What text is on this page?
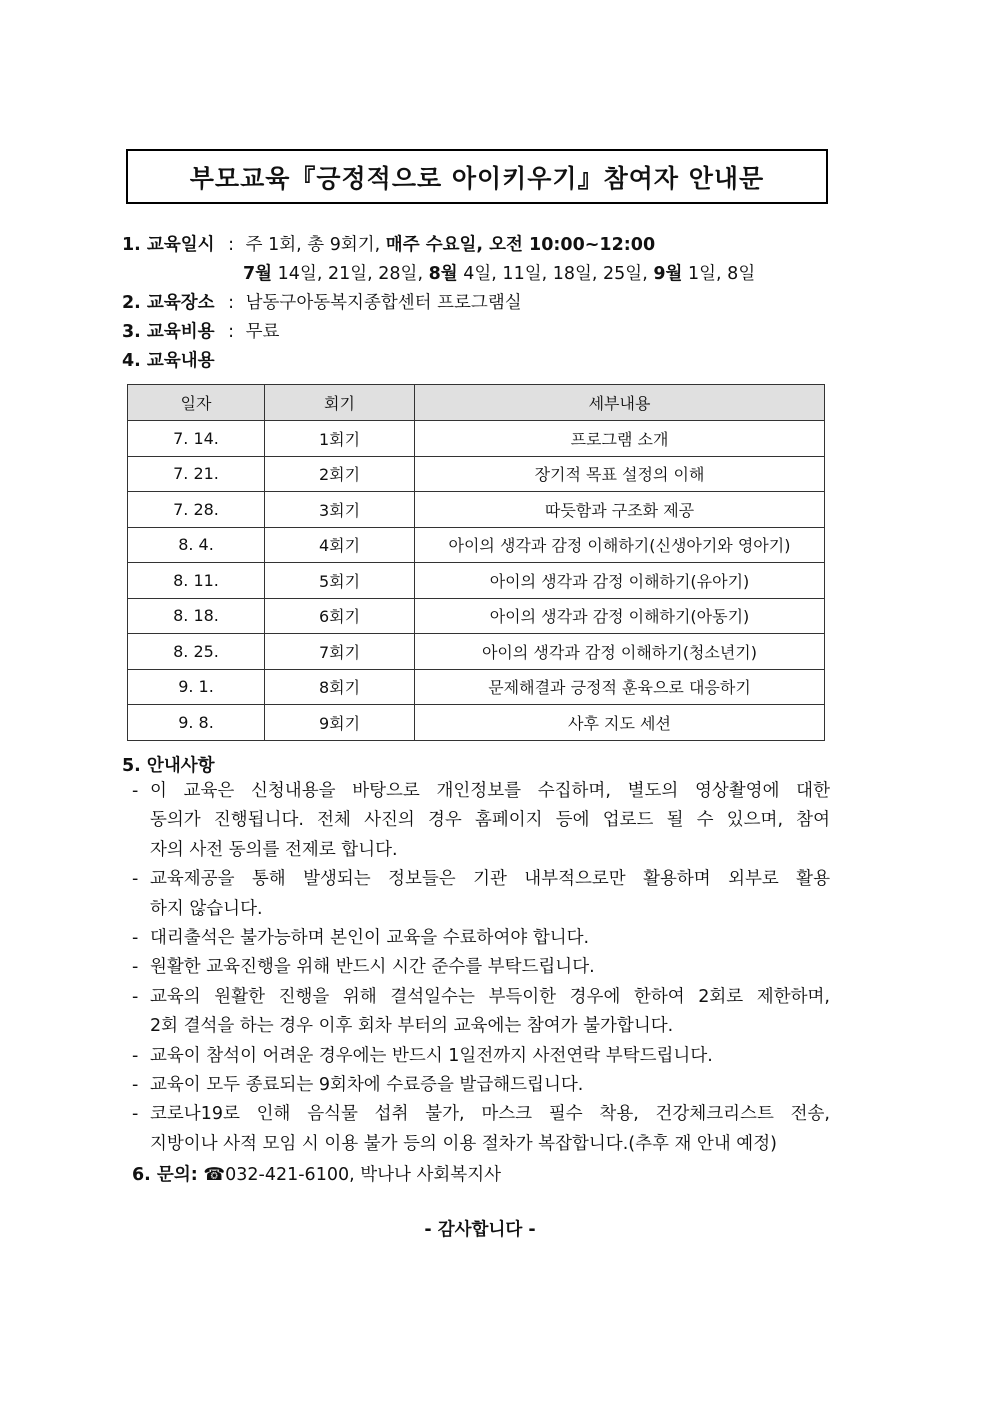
부모교육『긍정적으로 아이키우기』참여자 안내문
1. 교육일시 : 주 1회, 총 9회기, 매주 수요일, 오전 10:00~12:00
7월 14일, 21일, 28일, 8월 4일, 11일, 18일, 25일, 9월 1일, 8일
2. 교육장소 : 남동구아동복지종합센터 프로그램실
3. 교육비용 : 무료
4. 교육내용
일자	회기	세부내용
7. 14.	1회기	프로그램 소개
7. 21.	2회기	장기적 목표 설정의 이해
7. 28.	3회기	따듯함과 구조화 제공
8. 4.	4회기	아이의 생각과 감정 이해하기(신생아기와 영아기)
8. 11.	5회기	아이의 생각과 감정 이해하기(유아기)
8. 18.	6회기	아이의 생각과 감정 이해하기(아동기)
8. 25.	7회기	아이의 생각과 감정 이해하기(청소년기)
9. 1.	8회기	문제해결과 긍정적 훈육으로 대응하기
9. 8.	9회기	사후 지도 세션
5. 안내사항
- 이 교육은 신청내용을 바탕으로 개인정보를 수집하며, 별도의 영상촬영에 대한
동의가 진행됩니다. 전체 사진의 경우 홈페이지 등에 업로드 될 수 있으며, 참여
자의 사전 동의를 전제로 합니다.
- 교육제공을 통해 발생되는 정보들은 기관 내부적으로만 활용하며 외부로 활용
하지 않습니다.
- 대리출석은 불가능하며 본인이 교육을 수료하여야 합니다.
- 원활한 교육진행을 위해 반드시 시간 준수를 부탁드립니다.
- 교육의 원활한 진행을 위해 결석일수는 부득이한 경우에 한하여 2회로 제한하며,
2회 결석을 하는 경우 이후 회차 부터의 교육에는 참여가 불가합니다.
- 교육이 참석이 어려운 경우에는 반드시 1일전까지 사전연락 부탁드립니다.
- 교육이 모두 종료되는 9회차에 수료증을 발급해드립니다.
- 코로나19로 인해 음식물 섭취 불가, 마스크 필수 착용, 건강체크리스트 전송,
지방이나 사적 모임 시 이용 불가 등의 이용 절차가 복잡합니다.(추후 재 안내 예정)
6. 문의: ☎032-421-6100, 박나나 사회복지사
- 감사합니다 -
